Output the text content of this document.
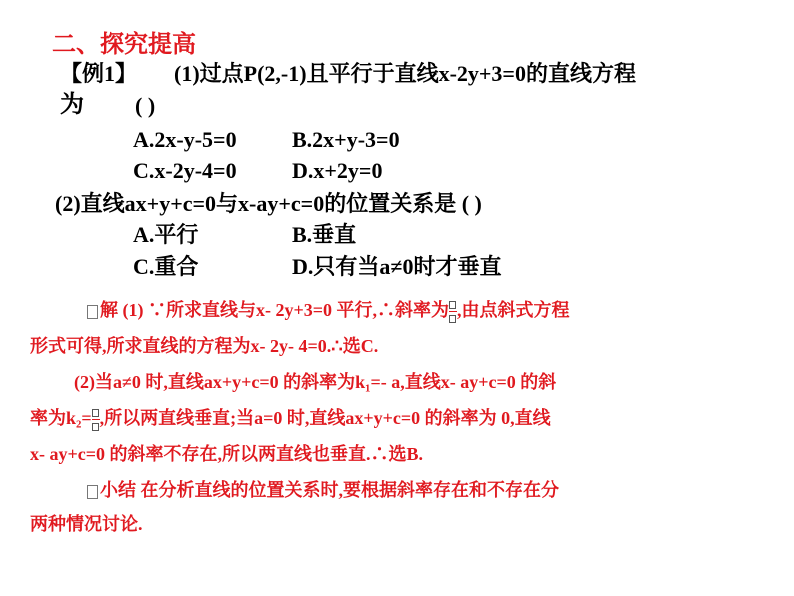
二、探究提高
【例1】 (1)过点P(2,-1)且平行于直线x-2y+3=0的直线方程
为 ( )
A.2x-y-5=0	B.2x+y-3=0
C.x-2y-4=0	D.x+2y=0
(2)直线ax+y+c=0与x-ay+c=0的位置关系是 ( )
A.平行	B.垂直
C.重合	D.只有当a≠0时才垂直
解 (1) ∵所求直线与x- 2y+3=0 平行,∴斜率为 ,由点斜式方程
形式可得,所求直线的方程为x- 2y- 4=0.∴选C.
(2)当a≠0 时,直线ax+y+c=0 的斜率为k₁=- a,直线x- ay+c=0 的斜
率为k₂= ,所以两直线垂直;当a=0 时,直线ax+y+c=0 的斜率为 0,直线
x- ay+c=0 的斜率不存在,所以两直线也垂直.∴选B.
小结 在分析直线的位置关系时,要根据斜率存在和不存在分
两种情况讨论.
